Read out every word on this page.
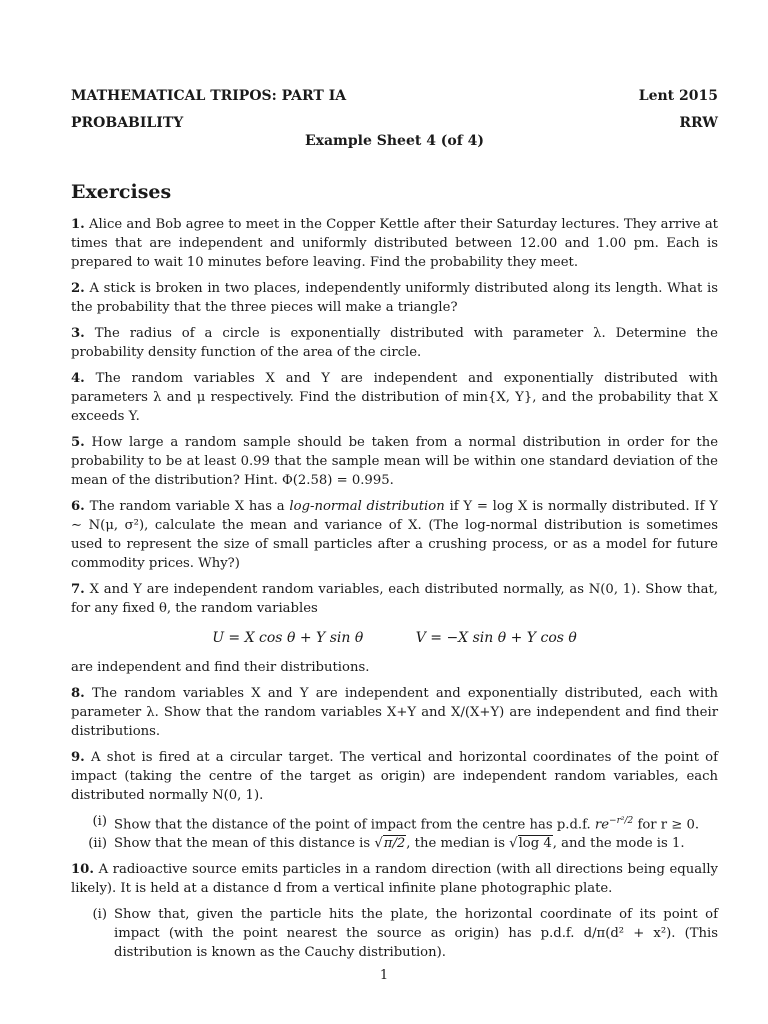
MATHEMATICAL TRIPOS: PART IA	Lent 2015
PROBABILITY	RRW
Example Sheet 4 (of 4)
Exercises

1. Alice and Bob agree to meet in the Copper Kettle after their Saturday lectures. They arrive at times that are independent and uniformly distributed between 12.00 and 1.00 pm. Each is prepared to wait 10 minutes before leaving. Find the probability they meet.

2. A stick is broken in two places, independently uniformly distributed along its length. What is the probability that the three pieces will make a triangle?

3. The radius of a circle is exponentially distributed with parameter λ. Determine the probability density function of the area of the circle.

4. The random variables X and Y are independent and exponentially distributed with parameters λ and μ respectively. Find the distribution of min{X, Y}, and the probability that X exceeds Y.

5. How large a random sample should be taken from a normal distribution in order for the probability to be at least 0.99 that the sample mean will be within one standard deviation of the mean of the distribution? Hint. Φ(2.58) = 0.995.

6. The random variable X has a log-normal distribution if Y = log X is normally distributed. If Y ∼ N(μ, σ²), calculate the mean and variance of X. (The log-normal distribution is sometimes used to represent the size of small particles after a crushing process, or as a model for future commodity prices. Why?)

7. X and Y are independent random variables, each distributed normally, as N(0, 1). Show that, for any fixed θ, the random variables

U = X cos θ + Y sin θ	V = −X sin θ + Y cos θ

are independent and find their distributions.

8. The random variables X and Y are independent and exponentially distributed, each with parameter λ. Show that the random variables X+Y and X/(X+Y) are independent and find their distributions.

9. A shot is fired at a circular target. The vertical and horizontal coordinates of the point of impact (taking the centre of the target as origin) are independent random variables, each distributed normally N(0, 1).

(i) Show that the distance of the point of impact from the centre has p.d.f. $re^{-r^2/2}$ for r ≥ 0.
(ii) Show that the mean of this distance is √π/2, the median is √log 4, and the mode is 1.

10. A radioactive source emits particles in a random direction (with all directions being equally likely). It is held at a distance d from a vertical infinite plane photographic plate.

(i) Show that, given the particle hits the plate, the horizontal coordinate of its point of impact (with the point nearest the source as origin) has p.d.f. d/π(d² + x²). (This distribution is known as the Cauchy distribution).
1
